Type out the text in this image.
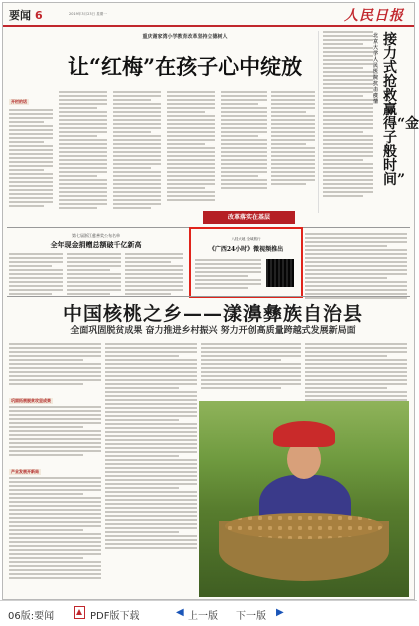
要闻 6	2019年3月23日 星期一	人民日报
重庆谢家湾小学教育改革坚持立德树人
让“红梅”在孩子心中绽放
开栏的话
改革落实在基层
北京大学人民医院抗击疫情
接力式抢救赢得“金子般时间”
第七届浙江慈善奖公布名单
全年现金捐赠总额破千亿新高
八桂大地 全域旅行
《广西24小时》微视频推出
中国核桃之乡——漾濞彝族自治县
全面巩固脱贫成果 奋力推进乡村振兴 努力开创高质量跨越式发展新局面
巩固拓展脱贫攻坚成果
产业发展开新局
06版:要闻	PDF版下载	◀ 上一版 下一版 ▶
